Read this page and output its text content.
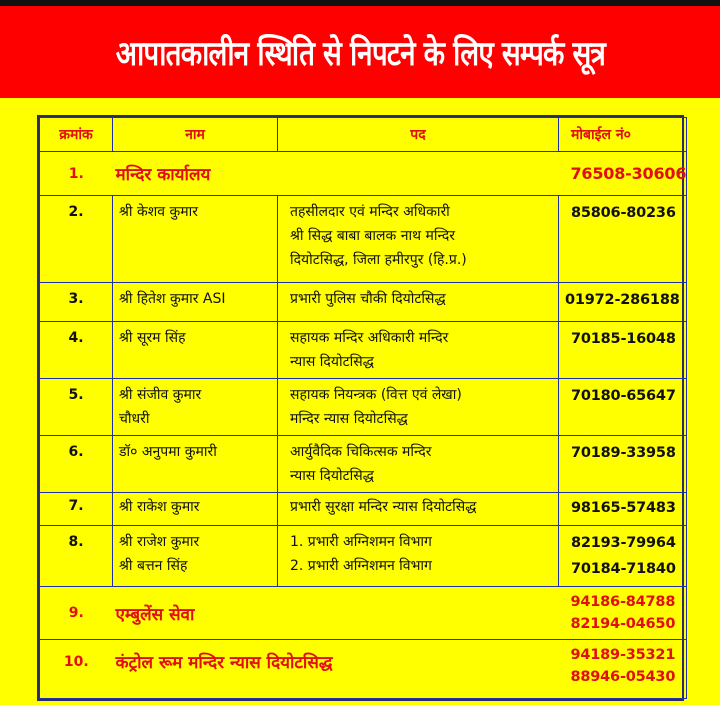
आपातकालीन स्थिति से निपटने के लिए सम्पर्क सूत्र
क्रमांक	नाम	पद	मोबाईल नं०
1.	मन्दिर कार्यालय		76508-30606

2.	श्री केशव कुमार	तहसीलदार एवं मन्दिर अधिकारी
श्री सिद्ध बाबा बालक नाथ मन्दिर
दियोटसिद्ध, जिला हमीरपुर (हि.प्र.)	85806-80236

3.	श्री हितेश कुमार ASI	प्रभारी पुलिस चौकी दियोटसिद्ध	01972-286188

4.	श्री सूरम सिंह	सहायक मन्दिर अधिकारी मन्दिर
न्यास दियोटसिद्ध	70185-16048

5.	श्री संजीव कुमार
चौधरी	सहायक नियन्त्रक (वित्त एवं लेखा)
मन्दिर न्यास दियोटसिद्ध	70180-65647

6.	डॉ० अनुपमा कुमारी	आर्युवैदिक चिकित्सक मन्दिर
न्यास दियोटसिद्ध	70189-33958

7.	श्री राकेश कुमार	प्रभारी सुरक्षा मन्दिर न्यास दियोटसिद्ध	98165-57483

8.	श्री राजेश कुमार
श्री बत्तन सिंह	1. प्रभारी अग्निशमन विभाग
2. प्रभारी अग्निशमन विभाग	82193-79964
70184-71840

9.	एम्बुलेंस सेवा		94186-84788
82194-04650

10.	कंट्रोल रूम मन्दिर न्यास दियोटसिद्ध		94189-35321
88946-05430
